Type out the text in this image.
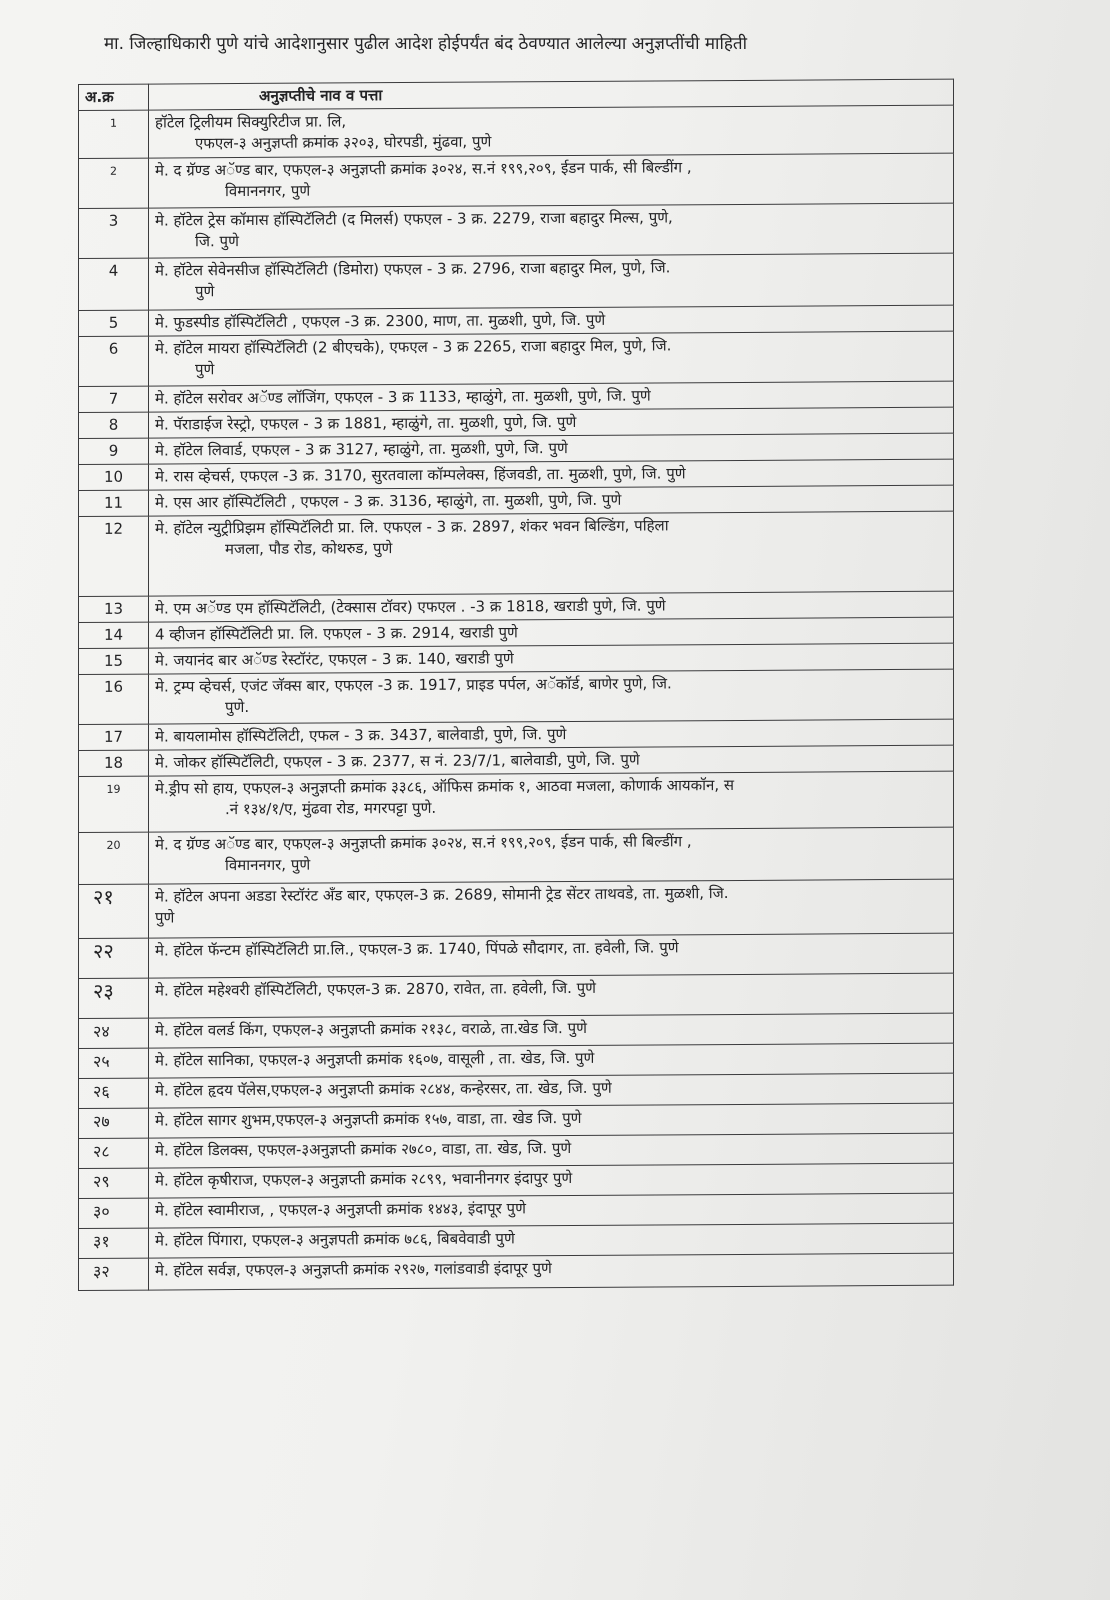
मा. जिल्हाधिकारी पुणे यांचे आदेशानुसार पुढील आदेश होईपर्यंत बंद ठेवण्यात आलेल्या अनुज्ञप्तींची माहिती
अ.क्र	अनुज्ञप्तीचे नाव व पत्ता
1	हॉटेल ट्रिलीयम सिक्युरिटीज प्रा. लि,
एफएल-३ अनुज्ञप्ती क्रमांक ३२०३, घोरपडी, मुंढवा, पुणे

2	मे. द ग्रॅण्ड अॅण्ड बार, एफएल-३ अनुज्ञप्ती क्रमांक ३०२४, स.नं १९९,२०९, ईडन पार्क, सी बिल्डींग ,
विमाननगर, पुणे

3	मे. हॉटेल ट्रेस कॉमास हॉस्पिटॅलिटी (द मिलर्स) एफएल - 3 क्र. 2279, राजा बहादुर मिल्स, पुणे,
जि. पुणे

4	मे. हॉटेल सेवेनसीज हॉस्पिटॅलिटी (डिमोरा) एफएल - 3 क्र. 2796, राजा बहादुर मिल, पुणे, जि.
पुणे

5	मे. फुडस्पीड हॉस्पिटॅलिटी , एफएल -3 क्र. 2300, माण, ता. मुळशी, पुणे, जि. पुणे

6	मे. हॉटेल मायरा हॉस्पिटॅलिटी (2 बीएचके), एफएल - 3 क्र 2265, राजा बहादुर मिल, पुणे, जि.
पुणे

7	मे. हॉटेल सरोवर अॅण्ड लॉजिंग, एफएल - 3 क्र 1133, म्हाळुंगे, ता. मुळशी, पुणे, जि. पुणे

8	मे. पॅराडाईज रेस्ट्रो, एफएल - 3 क्र 1881, म्हाळुंगे, ता. मुळशी, पुणे, जि. पुणे

9	मे. हॉटेल लिवार्ड, एफएल - 3 क्र 3127, म्हाळुंगे, ता. मुळशी, पुणे, जि. पुणे

10	मे. रास व्हेचर्स, एफएल -3 क्र. 3170, सुरतवाला कॉम्पलेक्स, हिंजवडी, ता. मुळशी, पुणे, जि. पुणे

11	मे. एस आर हॉस्पिटॅलिटी , एफएल - 3 क्र. 3136, म्हाळुंगे, ता. मुळशी, पुणे, जि. पुणे

12	मे. हॉटेल न्युट्रीप्रिझम हॉस्पिटॅलिटी प्रा. लि. एफएल - 3 क्र. 2897, शंकर भवन बिल्डिंग, पहिला
मजला, पौड रोड, कोथरुड, पुणे

13	मे. एम अॅण्ड एम हॉस्पिटॅलिटी, (टेक्सास टॉवर) एफएल . -3 क्र 1818, खराडी पुणे, जि. पुणे

14	4 व्हीजन हॉस्पिटॅलिटी प्रा. लि. एफएल - 3 क्र. 2914, खराडी पुणे

15	मे. जयानंद बार अॅण्ड रेस्टॉरंट, एफएल - 3 क्र. 140, खराडी पुणे

16	मे. ट्रम्प व्हेचर्स, एजंट जॅक्स बार, एफएल -3 क्र. 1917, प्राइड पर्पल, अॅकॉर्ड, बाणेर पुणे, जि.
पुणे.

17	मे. बायलामोस हॉस्पिटॅलिटी, एफल - 3 क्र. 3437, बालेवाडी, पुणे, जि. पुणे

18	मे. जोकर हॉस्पिटॅलिटी, एफएल - 3 क्र. 2377, स नं. 23/7/1, बालेवाडी, पुणे, जि. पुणे

19	मे.ड्रीप सो हाय, एफएल-३ अनुज्ञप्ती क्रमांक ३३८६, ऑफिस क्रमांक १, आठवा मजला, कोणार्क आयकॉन, स
.नं १३४/१/ए, मुंढवा रोड, मगरपट्टा पुणे.

20	मे. द ग्रॅण्ड अॅण्ड बार, एफएल-३ अनुज्ञप्ती क्रमांक ३०२४, स.नं १९९,२०९, ईडन पार्क, सी बिल्डींग ,
विमाननगर, पुणे

२१	मे. हॉटेल अपना अडडा रेस्टॉरंट अँड बार, एफएल-3 क्र. 2689, सोमानी ट्रेड सेंटर ताथवडे, ता. मुळशी, जि.
पुणे

२२	मे. हॉटेल फॅन्टम हॉस्पिटॅलिटी प्रा.लि., एफएल-3 क्र. 1740, पिंपळे सौदागर, ता. हवेली, जि. पुणे

२३	मे. हॉटेल महेश्वरी हॉस्पिटॅलिटी, एफएल-3 क्र. 2870, रावेत, ता. हवेली, जि. पुणे

२४	मे. हॉटेल वलर्ड किंग, एफएल-३ अनुज्ञप्ती क्रमांक २१३८, वराळे, ता.खेड जि. पुणे

२५	मे. हॉटेल सानिका, एफएल-३ अनुज्ञप्ती क्रमांक १६०७, वासूली , ता. खेड, जि. पुणे

२६	मे. हॉटेल हृदय पॅलेस,एफएल-३ अनुज्ञप्ती क्रमांक २८४४, कन्हेरसर, ता. खेड, जि. पुणे

२७	मे. हॉटेल सागर शुभम,एफएल-३ अनुज्ञप्ती क्रमांक १५७, वाडा, ता. खेड जि. पुणे

२८	मे. हॉटेल डिलक्स, एफएल-३अनुज्ञप्ती क्रमांक २७८०, वाडा, ता. खेड, जि. पुणे

२९	मे. हॉटेल कृषीराज, एफएल-३ अनुज्ञप्ती क्रमांक २८९९, भवानीनगर इंदापुर पुणे

३०	मे. हॉटेल स्वामीराज, , एफएल-३ अनुज्ञप्ती क्रमांक १४४३, इंदापूर पुणे

३१	मे. हॉटेल पिंगारा, एफएल-३ अनुज्ञपती क्रमांक ७८६, बिबवेवाडी पुणे

३२	मे. हॉटेल सर्वज्ञ, एफएल-३ अनुज्ञप्ती क्रमांक २९२७, गलांडवाडी इंदापूर पुणे
